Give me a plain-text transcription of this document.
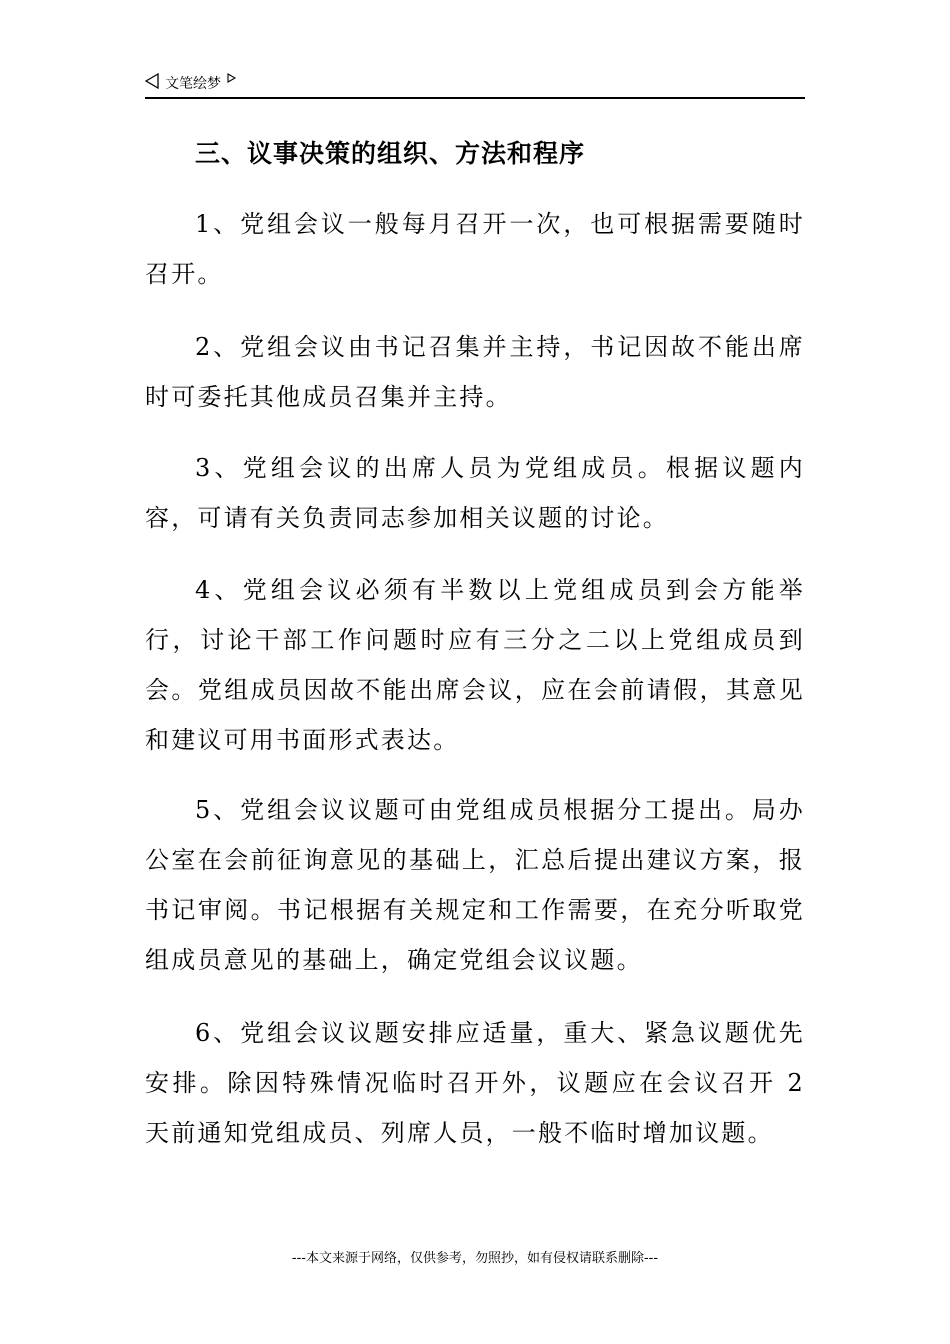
文笔绘梦
三、议事决策的组织、方法和程序

1、党组会议一般每月召开一次，也可根据需要随时召开。

2、党组会议由书记召集并主持，书记因故不能出席时可委托其他成员召集并主持。

3、党组会议的出席人员为党组成员。根据议题内容，可请有关负责同志参加相关议题的讨论。

4、党组会议必须有半数以上党组成员到会方能举行，讨论干部工作问题时应有三分之二以上党组成员到会。党组成员因故不能出席会议，应在会前请假，其意见和建议可用书面形式表达。

5、党组会议议题可由党组成员根据分工提出。局办公室在会前征询意见的基础上，汇总后提出建议方案，报书记审阅。书记根据有关规定和工作需要，在充分听取党组成员意见的基础上，确定党组会议议题。

6、党组会议议题安排应适量，重大、紧急议题优先安排。除因特殊情况临时召开外，议题应在会议召开 2 天前通知党组成员、列席人员，一般不临时增加议题。

---本文来源于网络，仅供参考，勿照抄，如有侵权请联系删除---
